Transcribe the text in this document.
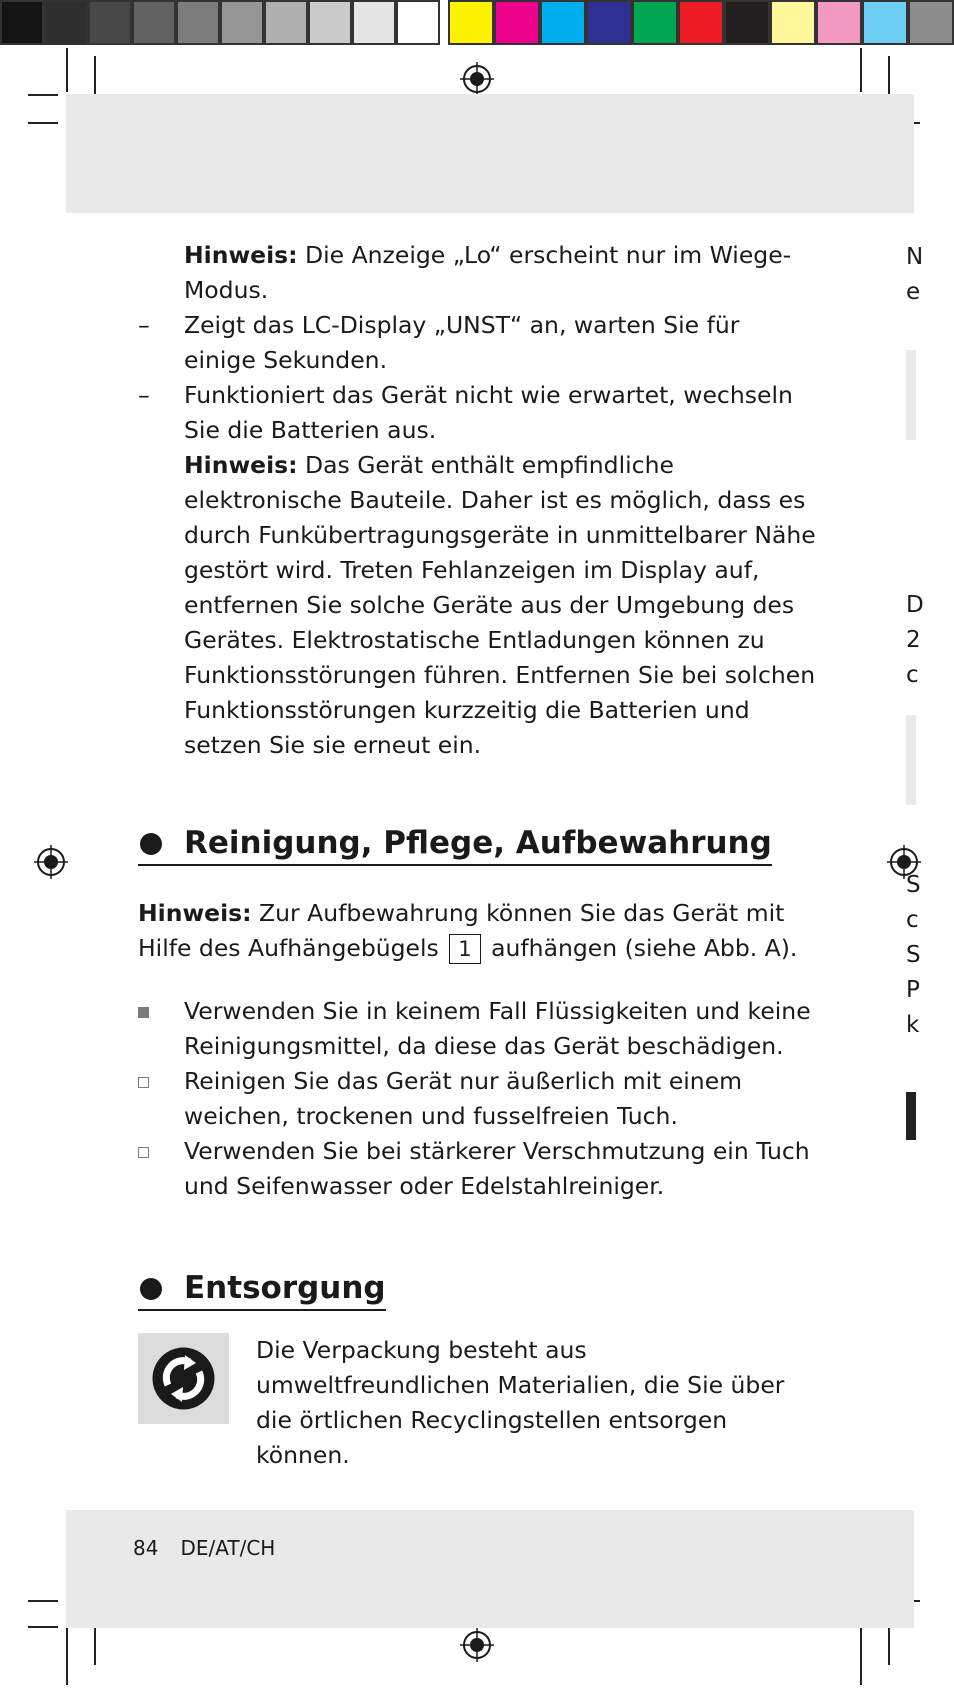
Hinweis: Die Anzeige „Lo“ erscheint nur im Wiege-Modus.
–	Zeigt das LC-Display „UNST“ an, warten Sie für einige Sekunden.
–	Funktioniert das Gerät nicht wie erwartet, wechseln Sie die Batterien aus.
Hinweis: Das Gerät enthält empfindliche elektronische Bauteile. Daher ist es möglich, dass es durch Funkübertragungsgeräte in unmittelbarer Nähe gestört wird. Treten Fehlanzeigen im Display auf, entfernen Sie solche Geräte aus der Umgebung des Gerätes. Elektrostatische Entladungen können zu Funktionsstörungen führen. Entfernen Sie bei solchen Funktionsstörungen kurzzeitig die Batterien und setzen Sie sie erneut ein.
Reinigung, Pflege, Aufbewahrung
Hinweis: Zur Aufbewahrung können Sie das Gerät mit Hilfe des Aufhängebügels 1 aufhängen (siehe Abb. A).
Verwenden Sie in keinem Fall Flüssigkeiten und keine Reinigungsmittel, da diese das Gerät beschädigen.
Reinigen Sie das Gerät nur äußerlich mit einem weichen, trockenen und fusselfreien Tuch.
Verwenden Sie bei stärkerer Verschmutzung ein Tuch und Seifenwasser oder Edelstahlreiniger.
Entsorgung
Die Verpackung besteht aus umweltfreundlichen Materialien, die Sie über die örtlichen Recyclingstellen entsorgen können.
84 DE/AT/CH
N
e
D
2
c
S
c
S
P
k
